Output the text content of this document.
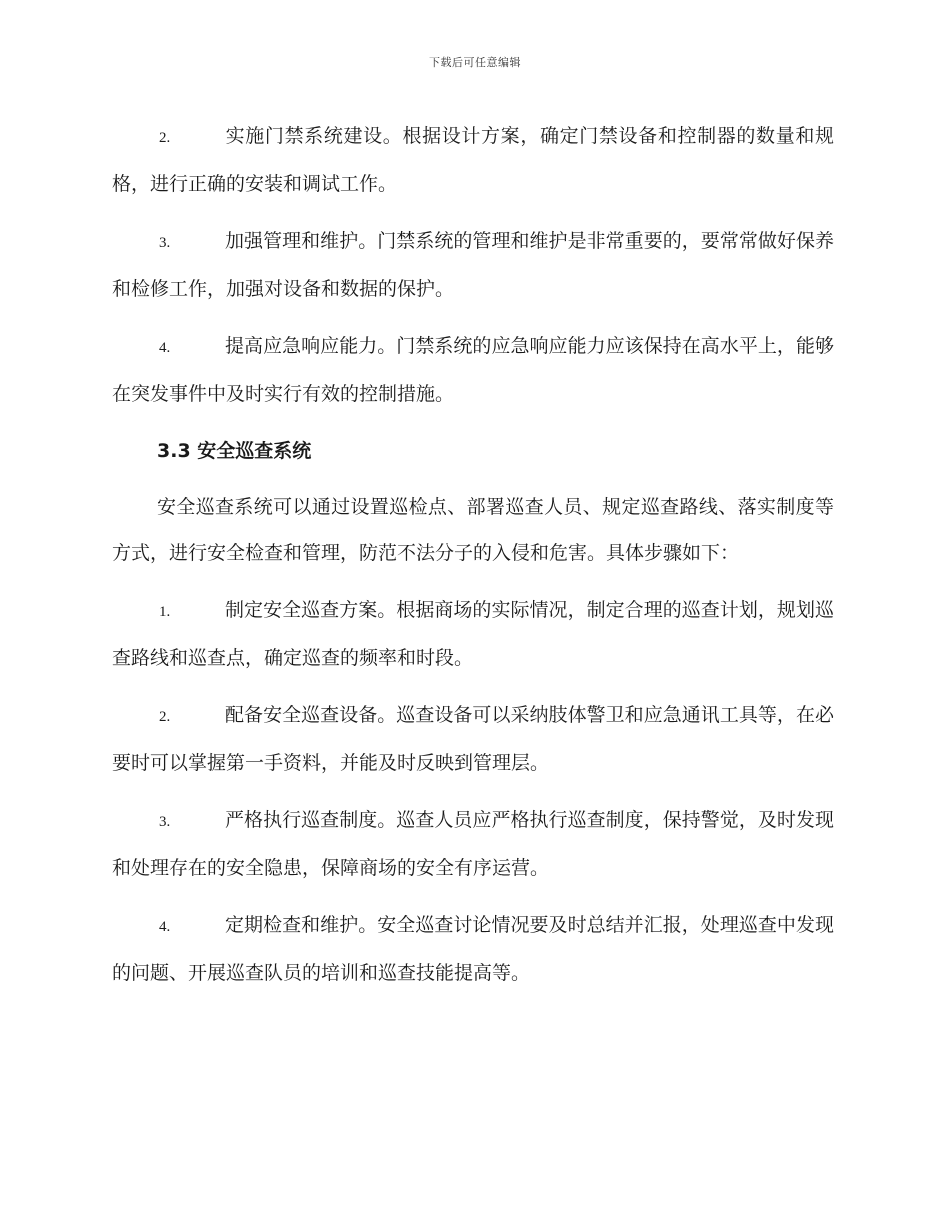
下载后可任意编辑
2.	实施门禁系统建设。根据设计方案，确定门禁设备和控制器的数量和规格，进行正确的安装和调试工作。
3.	加强管理和维护。门禁系统的管理和维护是非常重要的，要常常做好保养和检修工作，加强对设备和数据的保护。
4.	提高应急响应能力。门禁系统的应急响应能力应该保持在高水平上，能够在突发事件中及时实行有效的控制措施。
3.3 安全巡查系统
安全巡查系统可以通过设置巡检点、部署巡查人员、规定巡查路线、落实制度等方式，进行安全检查和管理，防范不法分子的入侵和危害。具体步骤如下：
1.	制定安全巡查方案。根据商场的实际情况，制定合理的巡查计划，规划巡查路线和巡查点，确定巡查的频率和时段。
2.	配备安全巡查设备。巡查设备可以采纳肢体警卫和应急通讯工具等，在必要时可以掌握第一手资料，并能及时反映到管理层。
3.	严格执行巡查制度。巡查人员应严格执行巡查制度，保持警觉，及时发现和处理存在的安全隐患，保障商场的安全有序运营。
4.	定期检查和维护。安全巡查讨论情况要及时总结并汇报，处理巡查中发现的问题、开展巡查队员的培训和巡查技能提高等。
